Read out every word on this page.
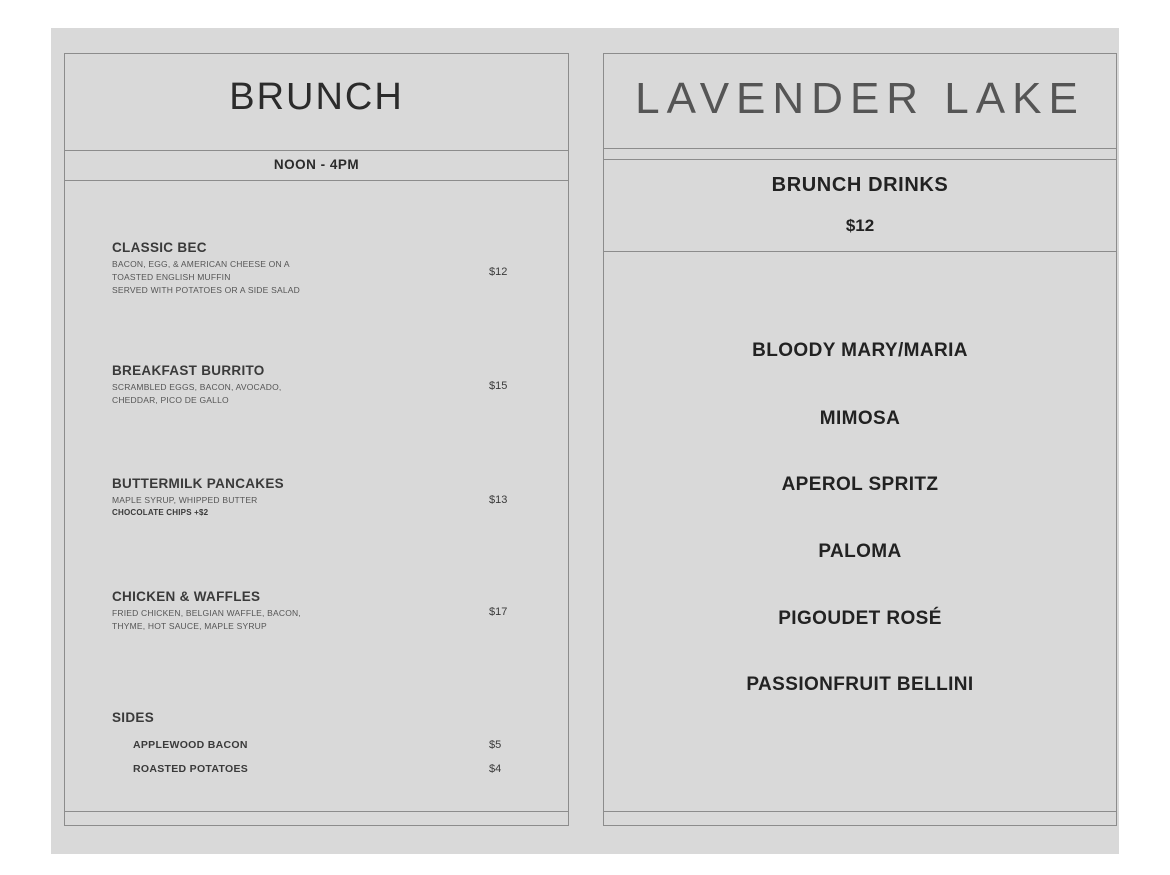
BRUNCH
NOON - 4PM
CLASSIC BEC
BACON, EGG, & AMERICAN CHEESE ON A
TOASTED ENGLISH MUFFIN
SERVED WITH POTATOES OR A SIDE SALAD
$12
BREAKFAST BURRITO
SCRAMBLED EGGS, BACON, AVOCADO,
CHEDDAR, PICO DE GALLO
$15
BUTTERMILK PANCAKES
MAPLE SYRUP, WHIPPED BUTTER
CHOCOLATE CHIPS +$2
$13
CHICKEN & WAFFLES
FRIED CHICKEN, BELGIAN WAFFLE, BACON,
THYME, HOT SAUCE, MAPLE SYRUP
$17
SIDES
APPLEWOOD BACON	$5
ROASTED POTATOES	$4
LAVENDER LAKE
BRUNCH DRINKS
$12
BLOODY MARY/MARIA
MIMOSA
APEROL SPRITZ
PALOMA
PIGOUDET ROSÉ
PASSIONFRUIT BELLINI
